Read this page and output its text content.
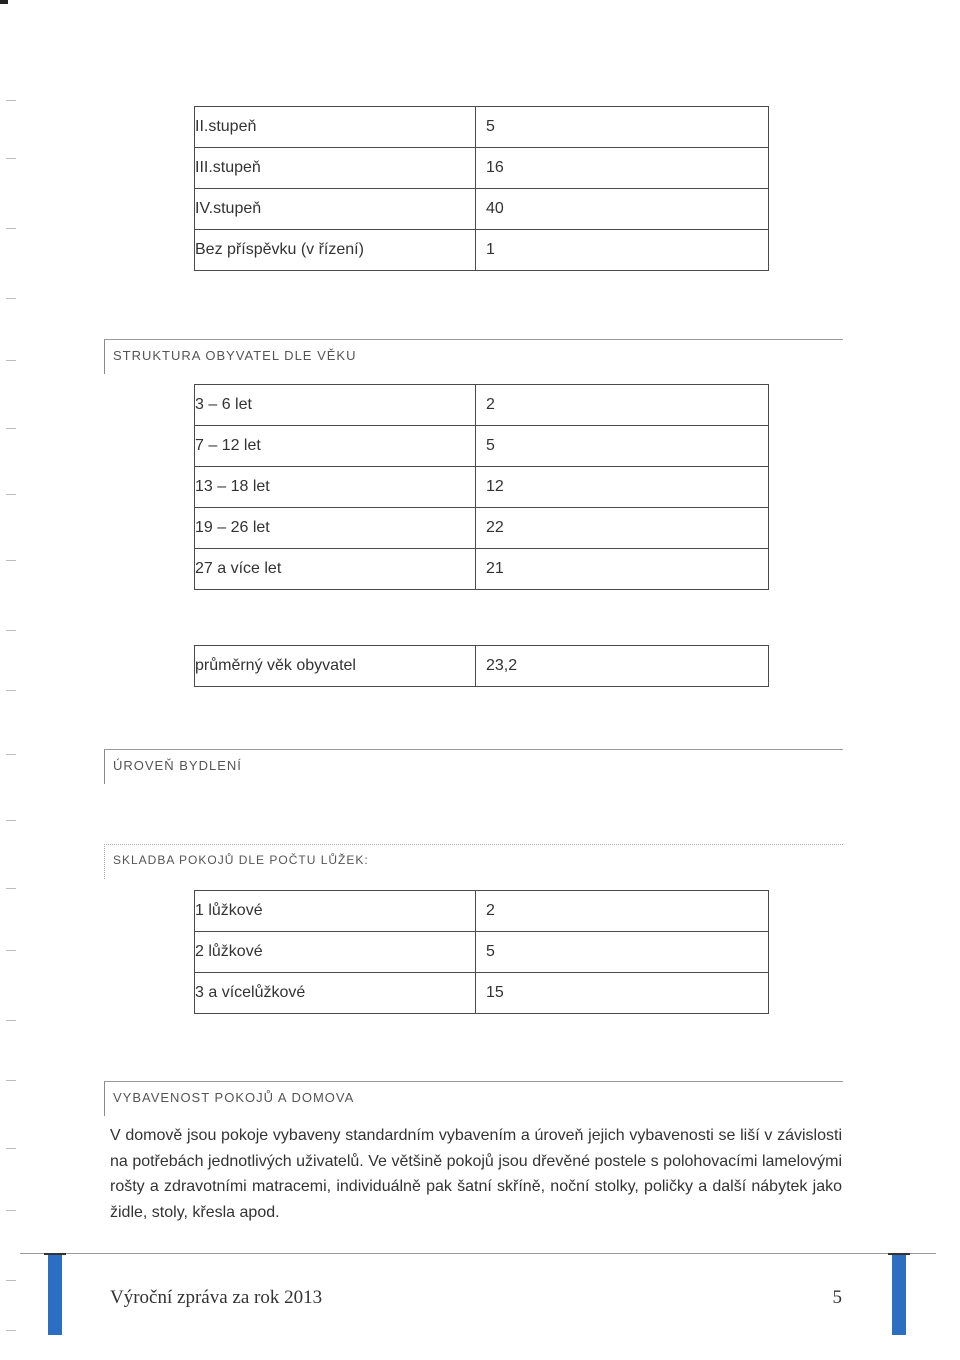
II.stupeň	5
III.stupeň	16
IV.stupeň	40
Bez příspěvku (v řízení)	1
STRUKTURA OBYVATEL DLE VĚKU
3 – 6 let	2
7 – 12 let	5
13 – 18 let	12
19 – 26 let	22
27 a více let	21
průměrný věk obyvatel	23,2
ÚROVEŇ BYDLENÍ
SKLADBA POKOJŮ DLE POČTU LŮŽEK:
1 lůžkové	2
2 lůžkové	5
3 a vícelůžkové	15
VYBAVENOST POKOJŮ A DOMOVA
V domově jsou pokoje vybaveny standardním vybavením a úroveň jejich vybavenosti se liší v závislosti na potřebách jednotlivých uživatelů. Ve většině pokojů jsou dřevěné postele s polohovacími lamelovými rošty a zdravotními matracemi, individuálně pak šatní skříně, noční stolky, poličky a další nábytek jako židle, stoly, křesla apod.
Výroční zpráva za rok 2013	5
